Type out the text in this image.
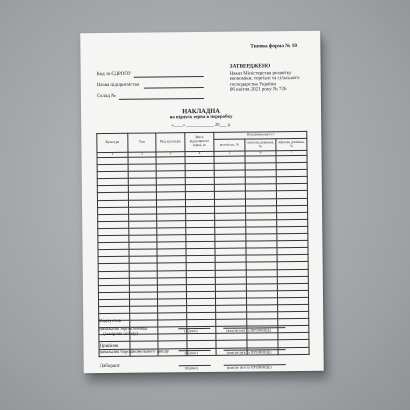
Типова форма № 10
ЗАТВЕРДЖЕНО
Наказ Міністерства розвитку
економіки, торгівлі та сільського
господарства України
06 квітня 2021 року № 726
Код за ЄДРПОУ
Назва підприємства
Склад №
НАКЛАДНА
на відпуск зерна в переробку
«____» ____________ 20___ р.
Культура	Тип	Код культури	Маса відпущеного зерна, кг	Показники якості		
				вологість, %	сміттєва домішка, %	зернова домішка, %
1	2	3	4	5	6	7

Відпустив
начальник зерносховища
(комірник складу)	(підпис)	(власне ім'я та ПРІЗВИЩЕ)
Прийняв
начальник борошномельного заводу	(підпис)	(власне ім'я та ПРІЗВИЩЕ)
Лаборант	(підпис)	(власне ім'я та ПРІЗВИЩЕ)
